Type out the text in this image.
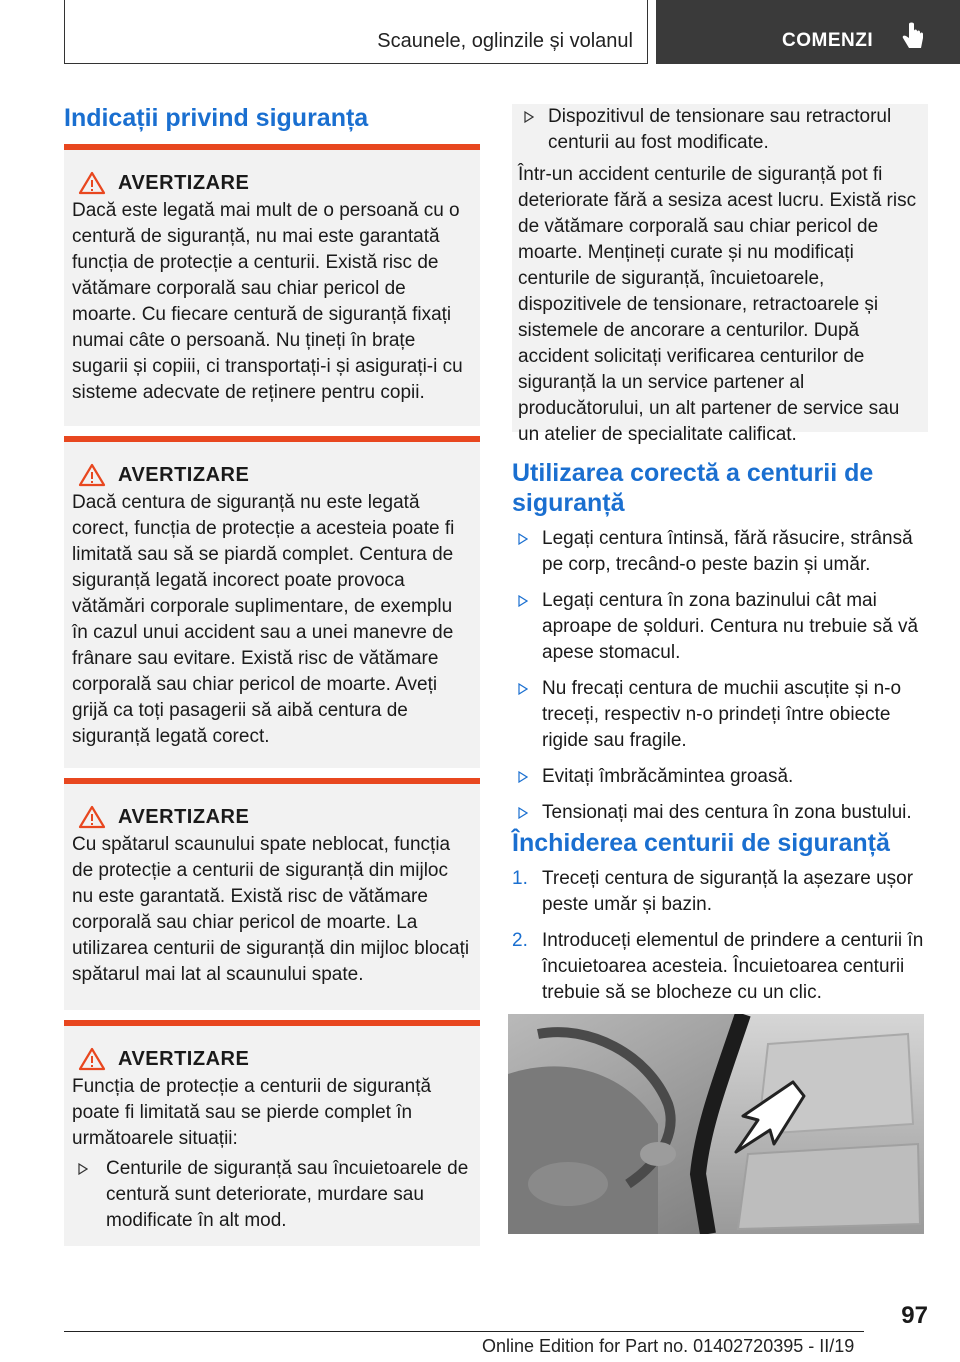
Scaunele, oglinzile și volanul	COMENZI
Indicații privind siguranța
AVERTIZARE
Dacă este legată mai mult de o persoană cu o centură de siguranță, nu mai este garantată funcția de protecție a centurii. Există risc de vătămare corporală sau chiar pericol de moarte. Cu fiecare centură de siguranță fixați numai câte o persoană. Nu țineți în brațe sugarii și copiii, ci transportați-i și asigurați-i cu sisteme adecvate de reținere pentru copii.
AVERTIZARE
Dacă centura de siguranță nu este legată corect, funcția de protecție a acesteia poate fi limitată sau să se piardă complet. Centura de siguranță legată incorect poate provoca vătămări corporale suplimentare, de exemplu în cazul unui accident sau a unei manevre de frânare sau evitare. Există risc de vătămare corporală sau chiar pericol de moarte. Aveți grijă ca toți pasagerii să aibă centura de siguranță legată corect.
AVERTIZARE
Cu spătarul scaunului spate neblocat, funcția de protecție a centurii de siguranță din mijloc nu este garantată. Există risc de vătămare corporală sau chiar pericol de moarte. La utilizarea centurii de siguranță din mijloc blocați spătarul mai lat al scaunului spate.
AVERTIZARE
Funcția de protecție a centurii de siguranță poate fi limitată sau se pierde complet în următoarele situații:
Centurile de siguranță sau încuietoarele de centură sunt deteriorate, murdare sau modificate în alt mod.
Dispozitivul de tensionare sau retractorul centurii au fost modificate.
Într-un accident centurile de siguranță pot fi deteriorate fără a sesiza acest lucru. Există risc de vătămare corporală sau chiar pericol de moarte. Mențineți curate și nu modificați centurile de siguranță, încuietoarele, dispozitivele de tensionare, retractoarele și sistemele de ancorare a centurilor. După accident solicitați verificarea centurilor de siguranță la un service partener al producătorului, un alt partener de service sau un atelier de specialitate calificat.
Utilizarea corectă a centurii de siguranță
Legați centura întinsă, fără răsucire, strânsă pe corp, trecând-o peste bazin și umăr.
Legați centura în zona bazinului cât mai aproape de șolduri. Centura nu trebuie să vă apese stomacul.
Nu frecați centura de muchii ascuțite și n-o treceți, respectiv n-o prindeți între obiecte rigide sau fragile.
Evitați îmbrăcămintea groasă.
Tensionați mai des centura în zona bustului.
Închiderea centurii de siguranță
1. Treceți centura de siguranță la așezare ușor peste umăr și bazin.
2. Introduceți elementul de prindere a centurii în încuietoarea acesteia. Încuietoarea centurii trebuie să se blocheze cu un clic.
97
Online Edition for Part no. 01402720395 - II/19
